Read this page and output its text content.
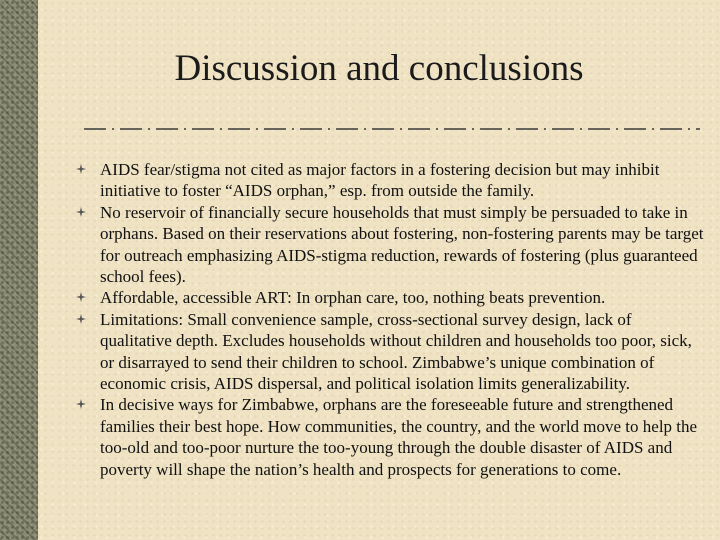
Discussion and conclusions
AIDS fear/stigma not cited as major factors in a fostering decision but may inhibit initiative to foster “AIDS orphan,” esp. from outside the family.
No reservoir of financially secure households that must simply be persuaded to take in orphans. Based on their reservations about fostering, non-fostering parents may be target for outreach emphasizing AIDS-stigma reduction, rewards of fostering (plus guaranteed school fees).
Affordable, accessible ART: In orphan care, too, nothing beats prevention.
Limitations: Small convenience sample, cross-sectional survey design, lack of qualitative depth. Excludes households without children and households too poor, sick, or disarrayed to send their children to school. Zimbabwe’s unique combination of economic crisis, AIDS dispersal, and political isolation limits generalizability.
In decisive ways for Zimbabwe, orphans are the foreseeable future and strengthened families their best hope. How communities, the country, and the world move to help the too-old and too-poor nurture the too-young through the double disaster of AIDS and poverty will shape the nation’s health and prospects for generations to come.
